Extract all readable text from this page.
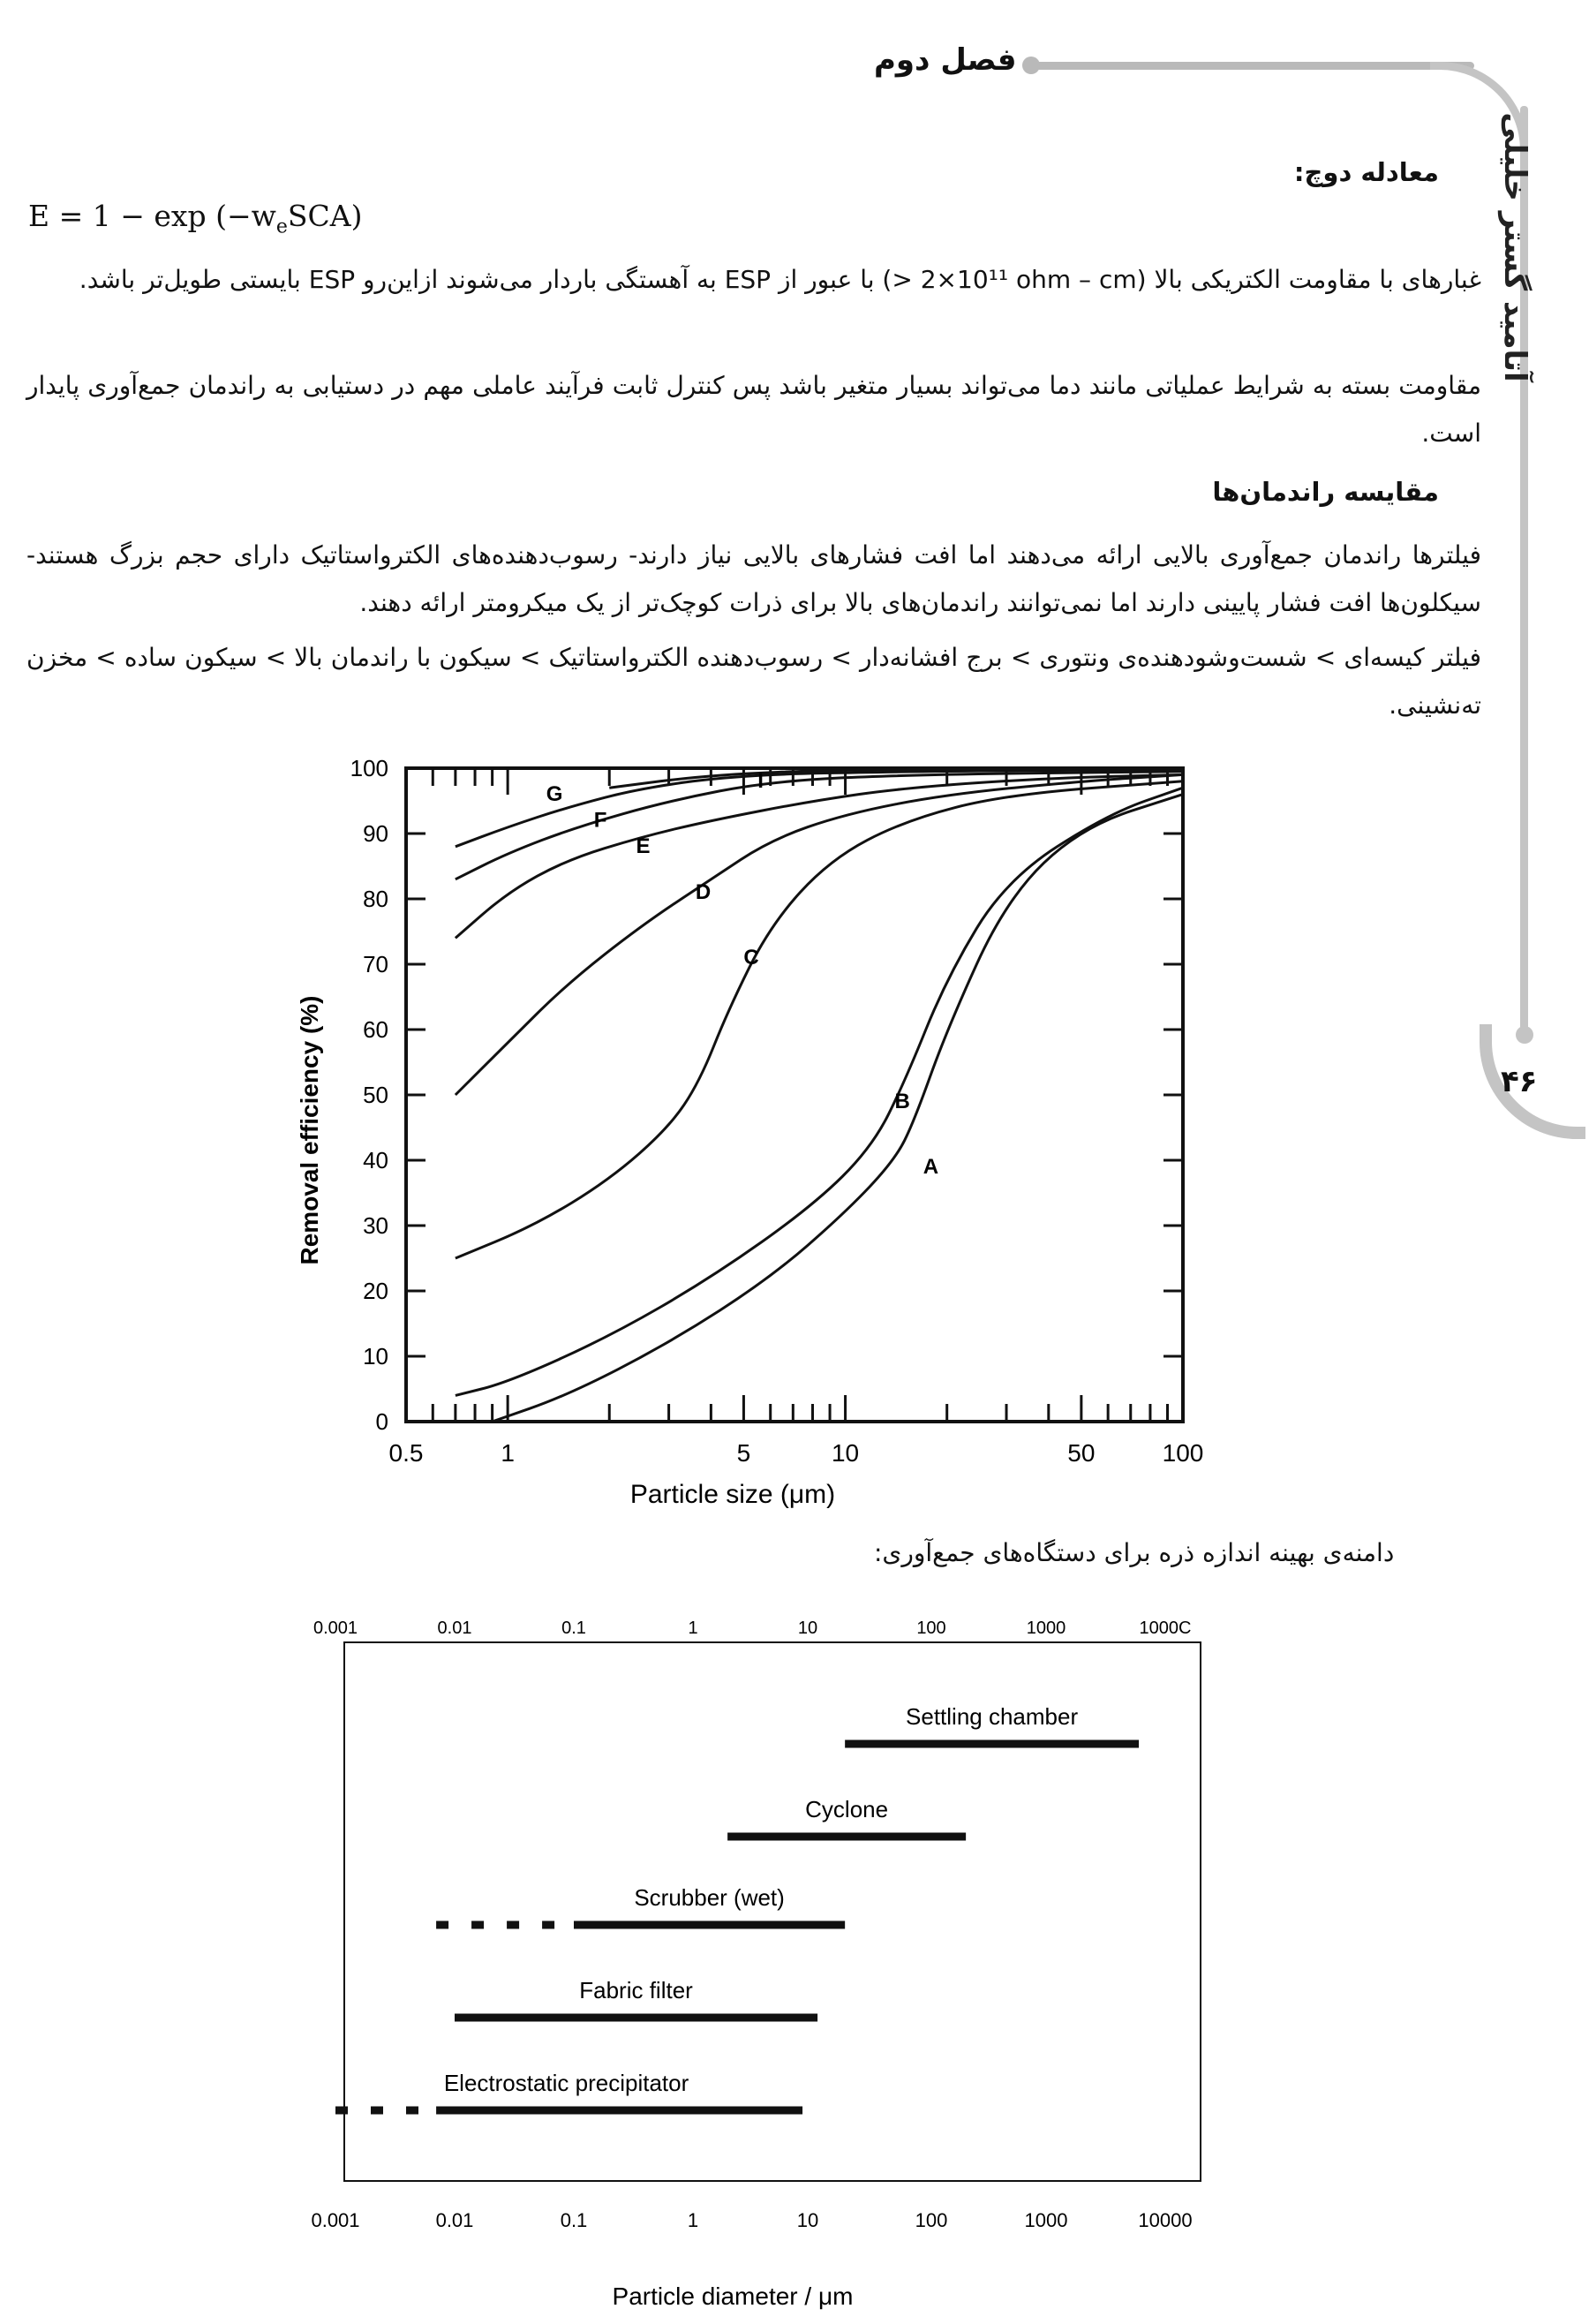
فصل دوم
آتامید گستر خلیلی
۴۶
معادله دوچ:
$E = 1 - \exp (-w_eSCA)$
غبارهای با مقاومت الکتریکی بالا (ohm – cm‏ 10¹¹×2 <) با عبور از ESP به آهستگی باردار می‌شوند ازاین‌رو ESP بایستی طویل‌تر باشد.
مقاومت بسته به شرایط عملیاتی مانند دما می‌تواند بسیار متغیر باشد پس کنترل ثابت فرآیند عاملی مهم در دستیابی به راندمان جمع‌آوری پایدار است.
مقایسه راندمان‌ها
فیلترها راندمان جمع‌آوری بالایی ارائه می‌دهند اما افت فشارهای بالایی نیاز دارند- رسوب‌دهنده‌های الکترواستاتیک دارای حجم بزرگ هستند- سیکلون‌ها افت فشار پایینی دارند اما نمی‌توانند راندمان‌های بالا برای ذرات کوچک‌تر از یک میکرومتر ارائه دهند.
فیلتر کیسه‌ای > شست‌وشودهنده‌ی ونتوری > برج افشانه‌دار > رسوب‌دهنده الکترواستاتیک > سیکون با راندمان بالا > سیکون ساده > مخزن ته‌نشینی.
0
10
20
30
40
50
60
70
80
90
100
0.5	1	5	10	50	100
A
B
C
D
E
F
G
I
Particle size (μm)
Removal efficiency (%)
دامنه‌ی بهینه اندازه ذره برای دستگاه‌های جمع‌آوری:
0.001	0.01	0.1	1	10	100	1000	1000C
0.001	0.01	0.1	1	10	100	1000	10000
Settling chamber
Cyclone
Scrubber (wet)
Fabric filter
Electrostatic precipitator
Particle diameter / μm
